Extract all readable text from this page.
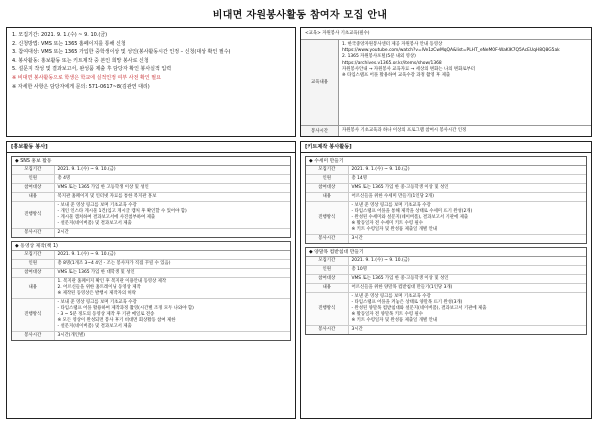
비대면 자원봉사활동 참여자 모집 안내
1. 모집기간: 2021. 9. 1.(수) ~ 9. 10.(금)
2. 신청방법: VMS 또는 1365 홈페이지를 통해 신청
3. 참여대상: VMS 또는 1365 가입한 중학생이상 및 성인(봉사활동시간 인정 – 신청(대상 확인 필수)
4. 봉사활동: 홍보활동 또는 키트제작 중 본인 희망 봉사로 신청
5. 설문지 작성 및 결과보고서, 완성품 제출 후 담당자 확인 봉사실적 입력
※ 비대면 봉사활동으로 학생은 학교에 실적인정 여부 사전 확인 필요
※ 자세한 사항은 담당자에게 문의: 571-0617~8(김관연 대리)
<교육> 자원봉사 기초교육(필수)
교육내용
1. 한국중앙자원봉사센터 제공 자원봉사 안내 동영상
https://www.youtube.com/watch?v=lVe1zCwMqQA&list=PLHT_eNeM0F-WaKlK7Q5AcEUqH8Q8G5ak
2. 1365 자원봉사포털(5분 내외 영상)
https://archives.v1365.or.kr/items/show/1368
자원봉사안내 → 자원봉사 교육자료 → 세상의 변화는 나의 변화로부터
※ 타입스탬프 어플 활용하여 교육수강 과정 촬영 후 제출
봉사시간	자원봉사 기초교육과 하나 이상의 프로그램 참여시 봉사시간 인정
[홍보활동 봉사]
◆ SNS 홍보 활동
모집기간	2021. 9. 1.(수) ~ 9. 10.(금)

인원	총 4명

참여대상	VMS 또는 1365 가입 한 고등학생 이상 및 성인

내용	복지관 홈페이지 및 인터넷 자료를 통한 복지관 홍보

진행방식	- 보내 준 영상 링크를 보며 기초교육 수강
- 개인 인스타 게시물 1건(입고 게시글 캡처 후 확인할 수 있어야 함)
- 게시물 캡쳐하여 결과보고서에 사진첨부하여 제출
- 설문지(네이버폼) 및 결과보고서 제출

봉사시간	2시간
◆ 동영상 제작(책 1)
모집기간	2021. 9. 1.(수) ~ 9. 10.(금)

인원	총 8명(1개조 3~4 4인 - 조는 봉사자가 직접 꾸릴 수 있음)

참여대상	VMS 또는 1365 가입 한 대학생 및 성인

내용	1. 복지관 홈페이지 확인 후 복지관 이용안내 동영상 제작
2. 어르신들을 위한 홈트레이닝 동영상 제작
※ 제작된 동영상은 발행시 제작자의 허락

진행방식	- 보내 준 영상 링크를 보며 기초교육 수강
- 타임스탬프 어플 활용하여 제작과정 촬영(시간별 조정 모두 나와야 함)
- 3 ~ 5분 정도의 동영상 제작 후 기관 메일로 전송
※ 모든 영상이 완성되면 봉사 후기 비대면 회상활동 참여 제한
- 설문지(네이버폼) 및 결과보고서 제출

봉사시간	3시간(개인별)
[키트제작 봉사활동]
◆ 수세미 만들기
모집기간	2021. 9. 1.(수) ~ 9. 10.(금)

인원	총 14명

참여대상	VMS 또는 1365 가입 한 중·고등학생 이상 및 성인

내용	어르신들을 위한 수세미 만들기(1인당 2개)

진행방식	- 보낸 준 영상 링크를 보며 기초교육 수강
- 타임스탬프 어플을 통해 제작을 상태로 수세미 뜨기 완성(2개)
- 완성된 수세미와 설문지(네이버폼), 결과보고서 기관에 제출
※ 활동일자 전 수세미 키트 수령 필수
※ 키트 수령일자 및 완성품 제출일 개별 안내

봉사시간	3시간
◆ 양말목 컵받침대 만들기
모집기간	2021. 9. 1.(수) ~ 9. 10.(금)

인원	총 10명

참여대상	VMS 또는 1365 가입 한 중·고등학생 이상 및 성인

내용	어르신들을 위한 양말목 컵받침대 만들기(1인당 3개)

진행방식	- 보낸 준 영상 링크를 보며 기초교육 수강
- 타임스탬프 어플을 켜놓은 상태로 양말목 뜨기 완성(3개)
- 완성된 양말목 컵받침대와 설문지(네이버폼), 결과보고서 기관에 제출
※ 활동일자 전 양말목 키트 수령 필수
※ 키트 수령일자 및 완성품 제출일 개별 안내

봉사시간	3시간
